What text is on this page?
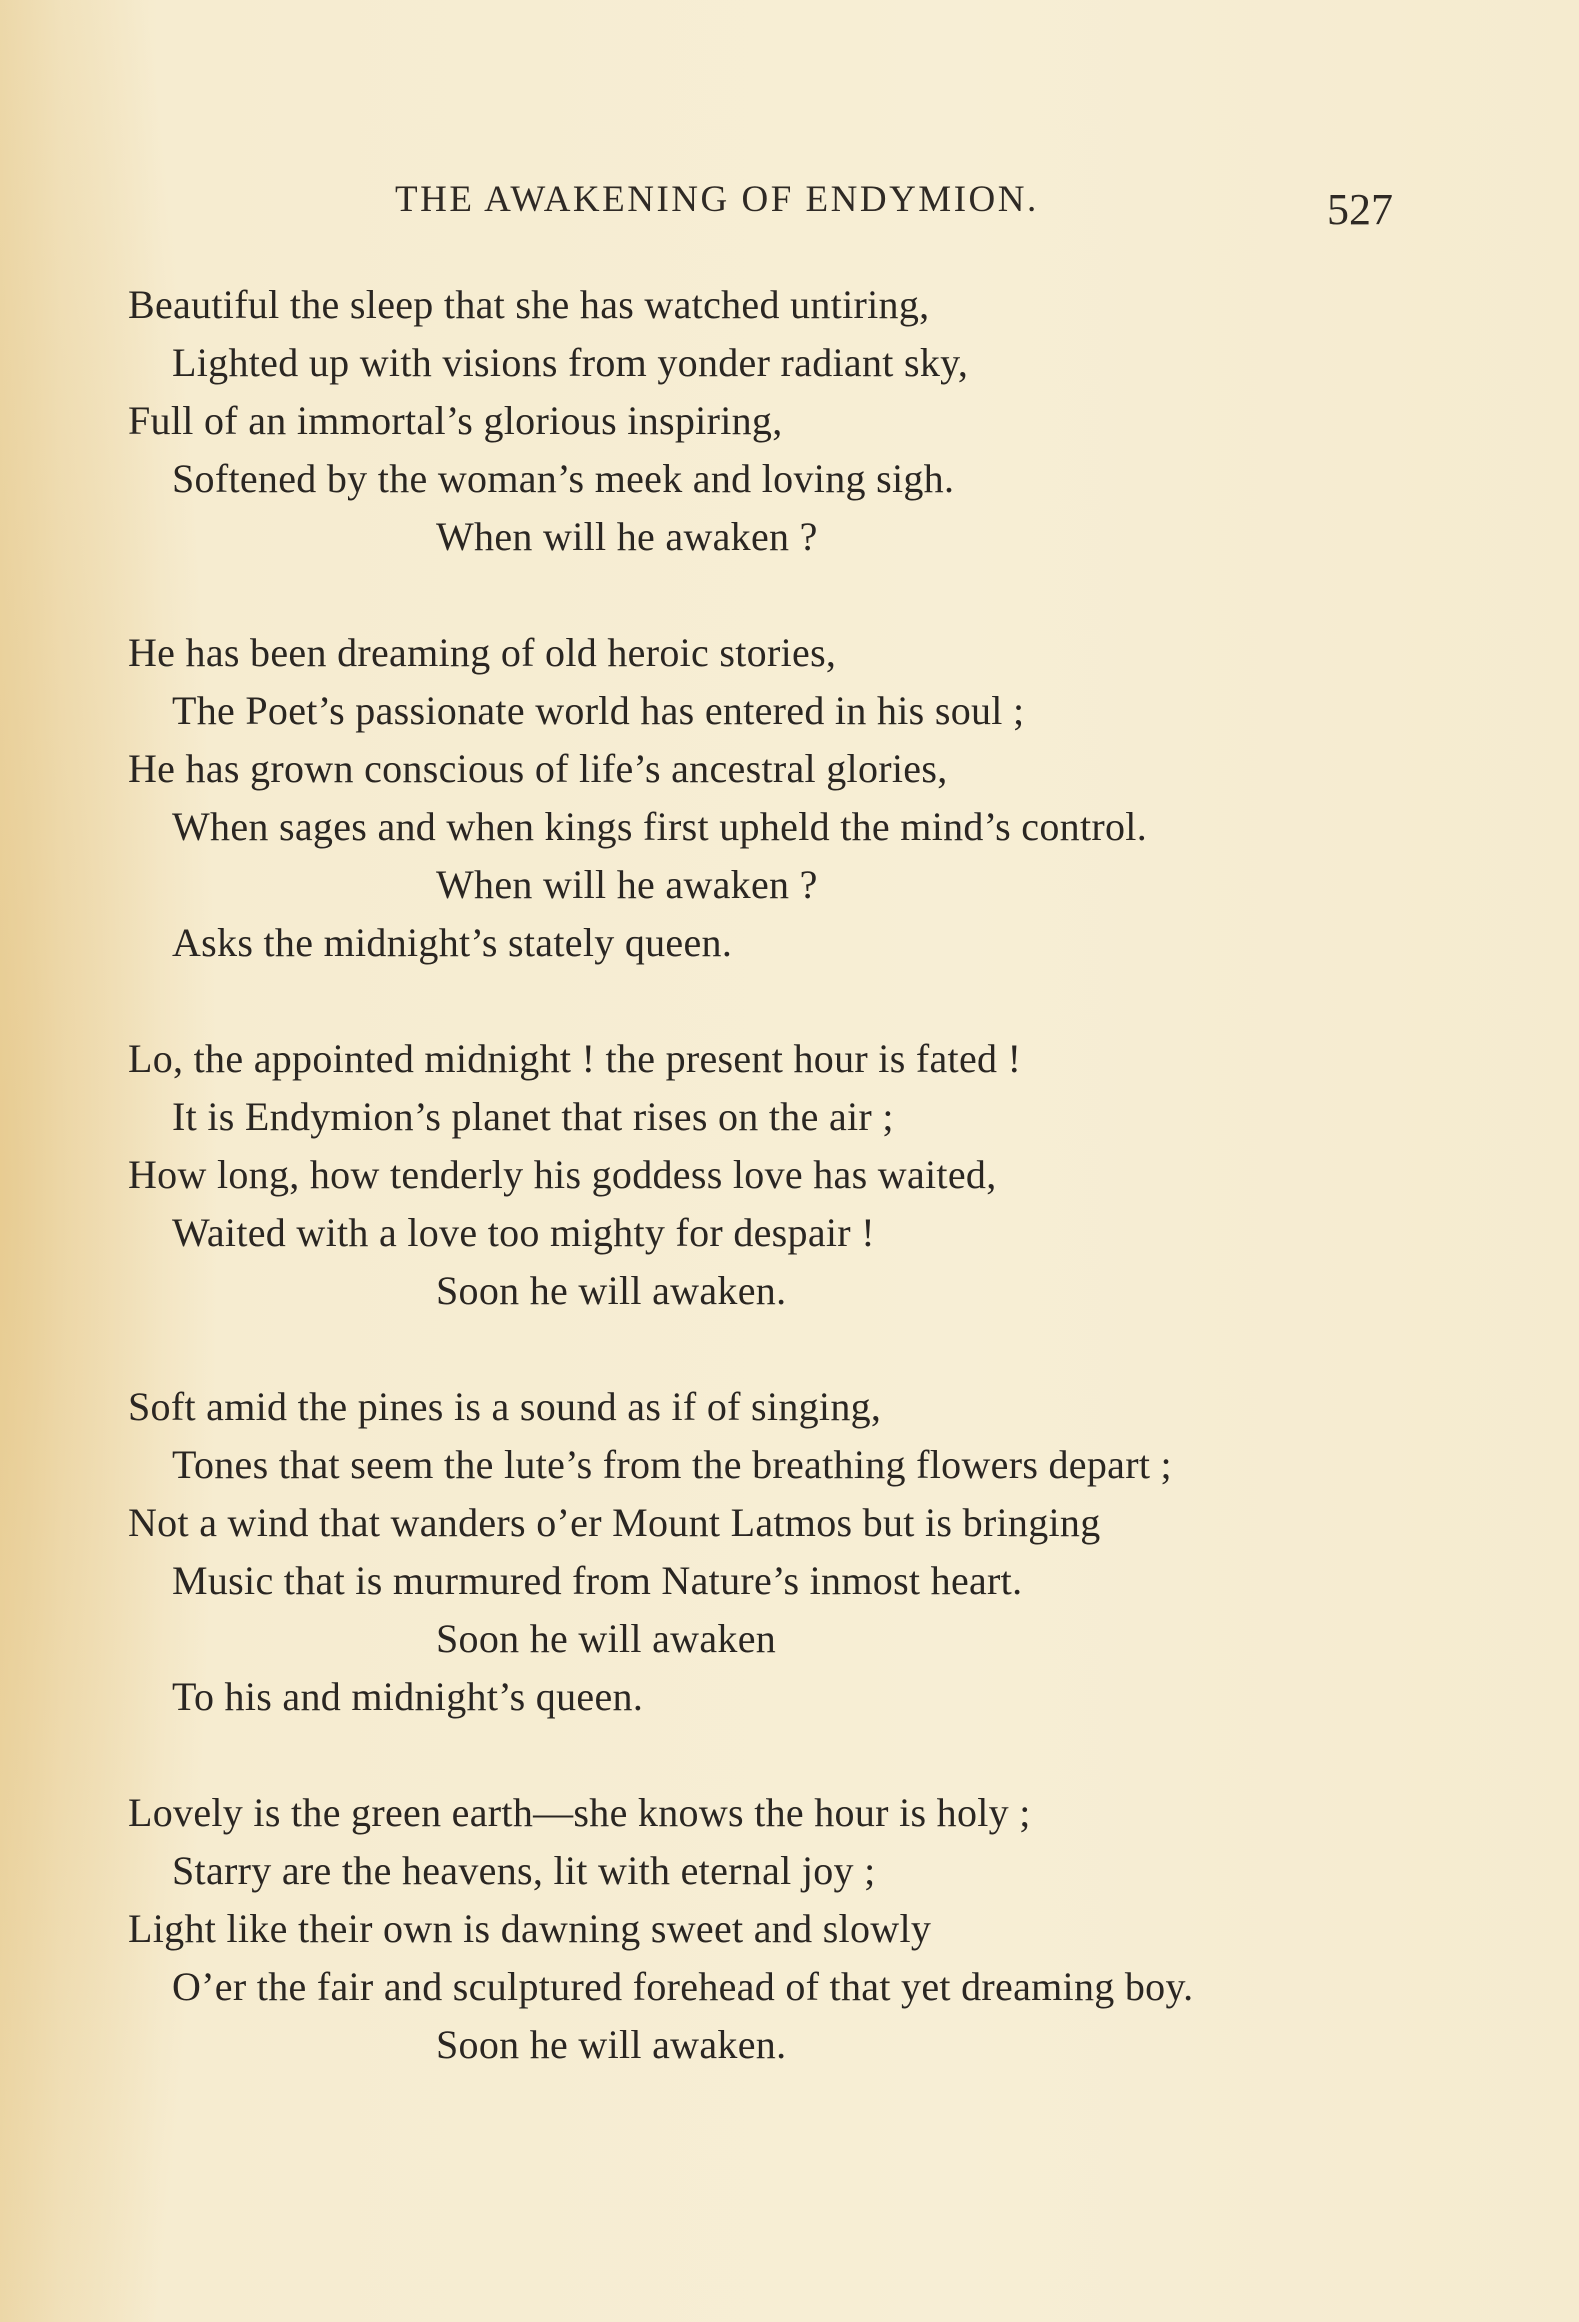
THE AWAKENING OF ENDYMION.	527
Beautiful the sleep that she has watched untiring,
Lighted up with visions from yonder radiant sky,
Full of an immortal’s glorious inspiring,
Softened by the woman’s meek and loving sigh.
When will he awaken ?
He has been dreaming of old heroic stories,
The Poet’s passionate world has entered in his soul ;
He has grown conscious of life’s ancestral glories,
When sages and when kings first upheld the mind’s control.
When will he awaken ?
Asks the midnight’s stately queen.
Lo, the appointed midnight ! the present hour is fated !
It is Endymion’s planet that rises on the air ;
How long, how tenderly his goddess love has waited,
Waited with a love too mighty for despair !
Soon he will awaken.
Soft amid the pines is a sound as if of singing,
Tones that seem the lute’s from the breathing flowers depart ;
Not a wind that wanders o’er Mount Latmos but is bringing
Music that is murmured from Nature’s inmost heart.
Soon he will awaken
To his and midnight’s queen.
Lovely is the green earth—she knows the hour is holy ;
Starry are the heavens, lit with eternal joy ;
Light like their own is dawning sweet and slowly
O’er the fair and sculptured forehead of that yet dreaming boy.
Soon he will awaken.
